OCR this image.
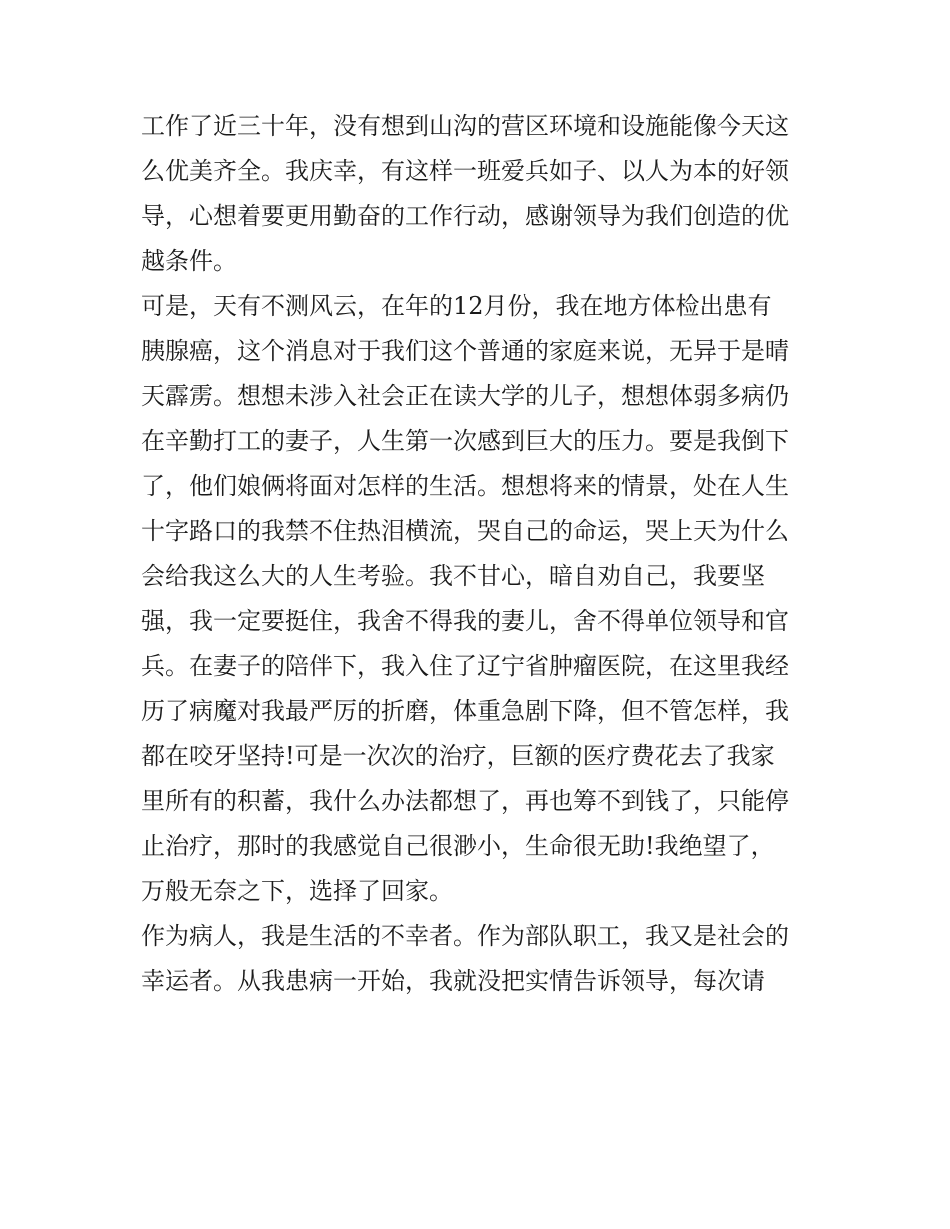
工作了近三十年，没有想到山沟的营区环境和设施能像今天这
么优美齐全。我庆幸，有这样一班爱兵如子、以人为本的好领
导，心想着要更用勤奋的工作行动，感谢领导为我们创造的优
越条件。
可是，天有不测风云，在年的12月份，我在地方体检出患有
胰腺癌，这个消息对于我们这个普通的家庭来说，无异于是晴
天霹雳。想想未涉入社会正在读大学的儿子，想想体弱多病仍
在辛勤打工的妻子，人生第一次感到巨大的压力。要是我倒下
了，他们娘俩将面对怎样的生活。想想将来的情景，处在人生
十字路口的我禁不住热泪横流，哭自己的命运，哭上天为什么
会给我这么大的人生考验。我不甘心，暗自劝自己，我要坚
强，我一定要挺住，我舍不得我的妻儿，舍不得单位领导和官
兵。在妻子的陪伴下，我入住了辽宁省肿瘤医院，在这里我经
历了病魔对我最严厉的折磨，体重急剧下降，但不管怎样，我
都在咬牙坚持!可是一次次的治疗，巨额的医疗费花去了我家
里所有的积蓄，我什么办法都想了，再也筹不到钱了，只能停
止治疗，那时的我感觉自己很渺小，生命很无助!我绝望了，
万般无奈之下，选择了回家。
作为病人，我是生活的不幸者。作为部队职工，我又是社会的
幸运者。从我患病一开始，我就没把实情告诉领导，每次请
